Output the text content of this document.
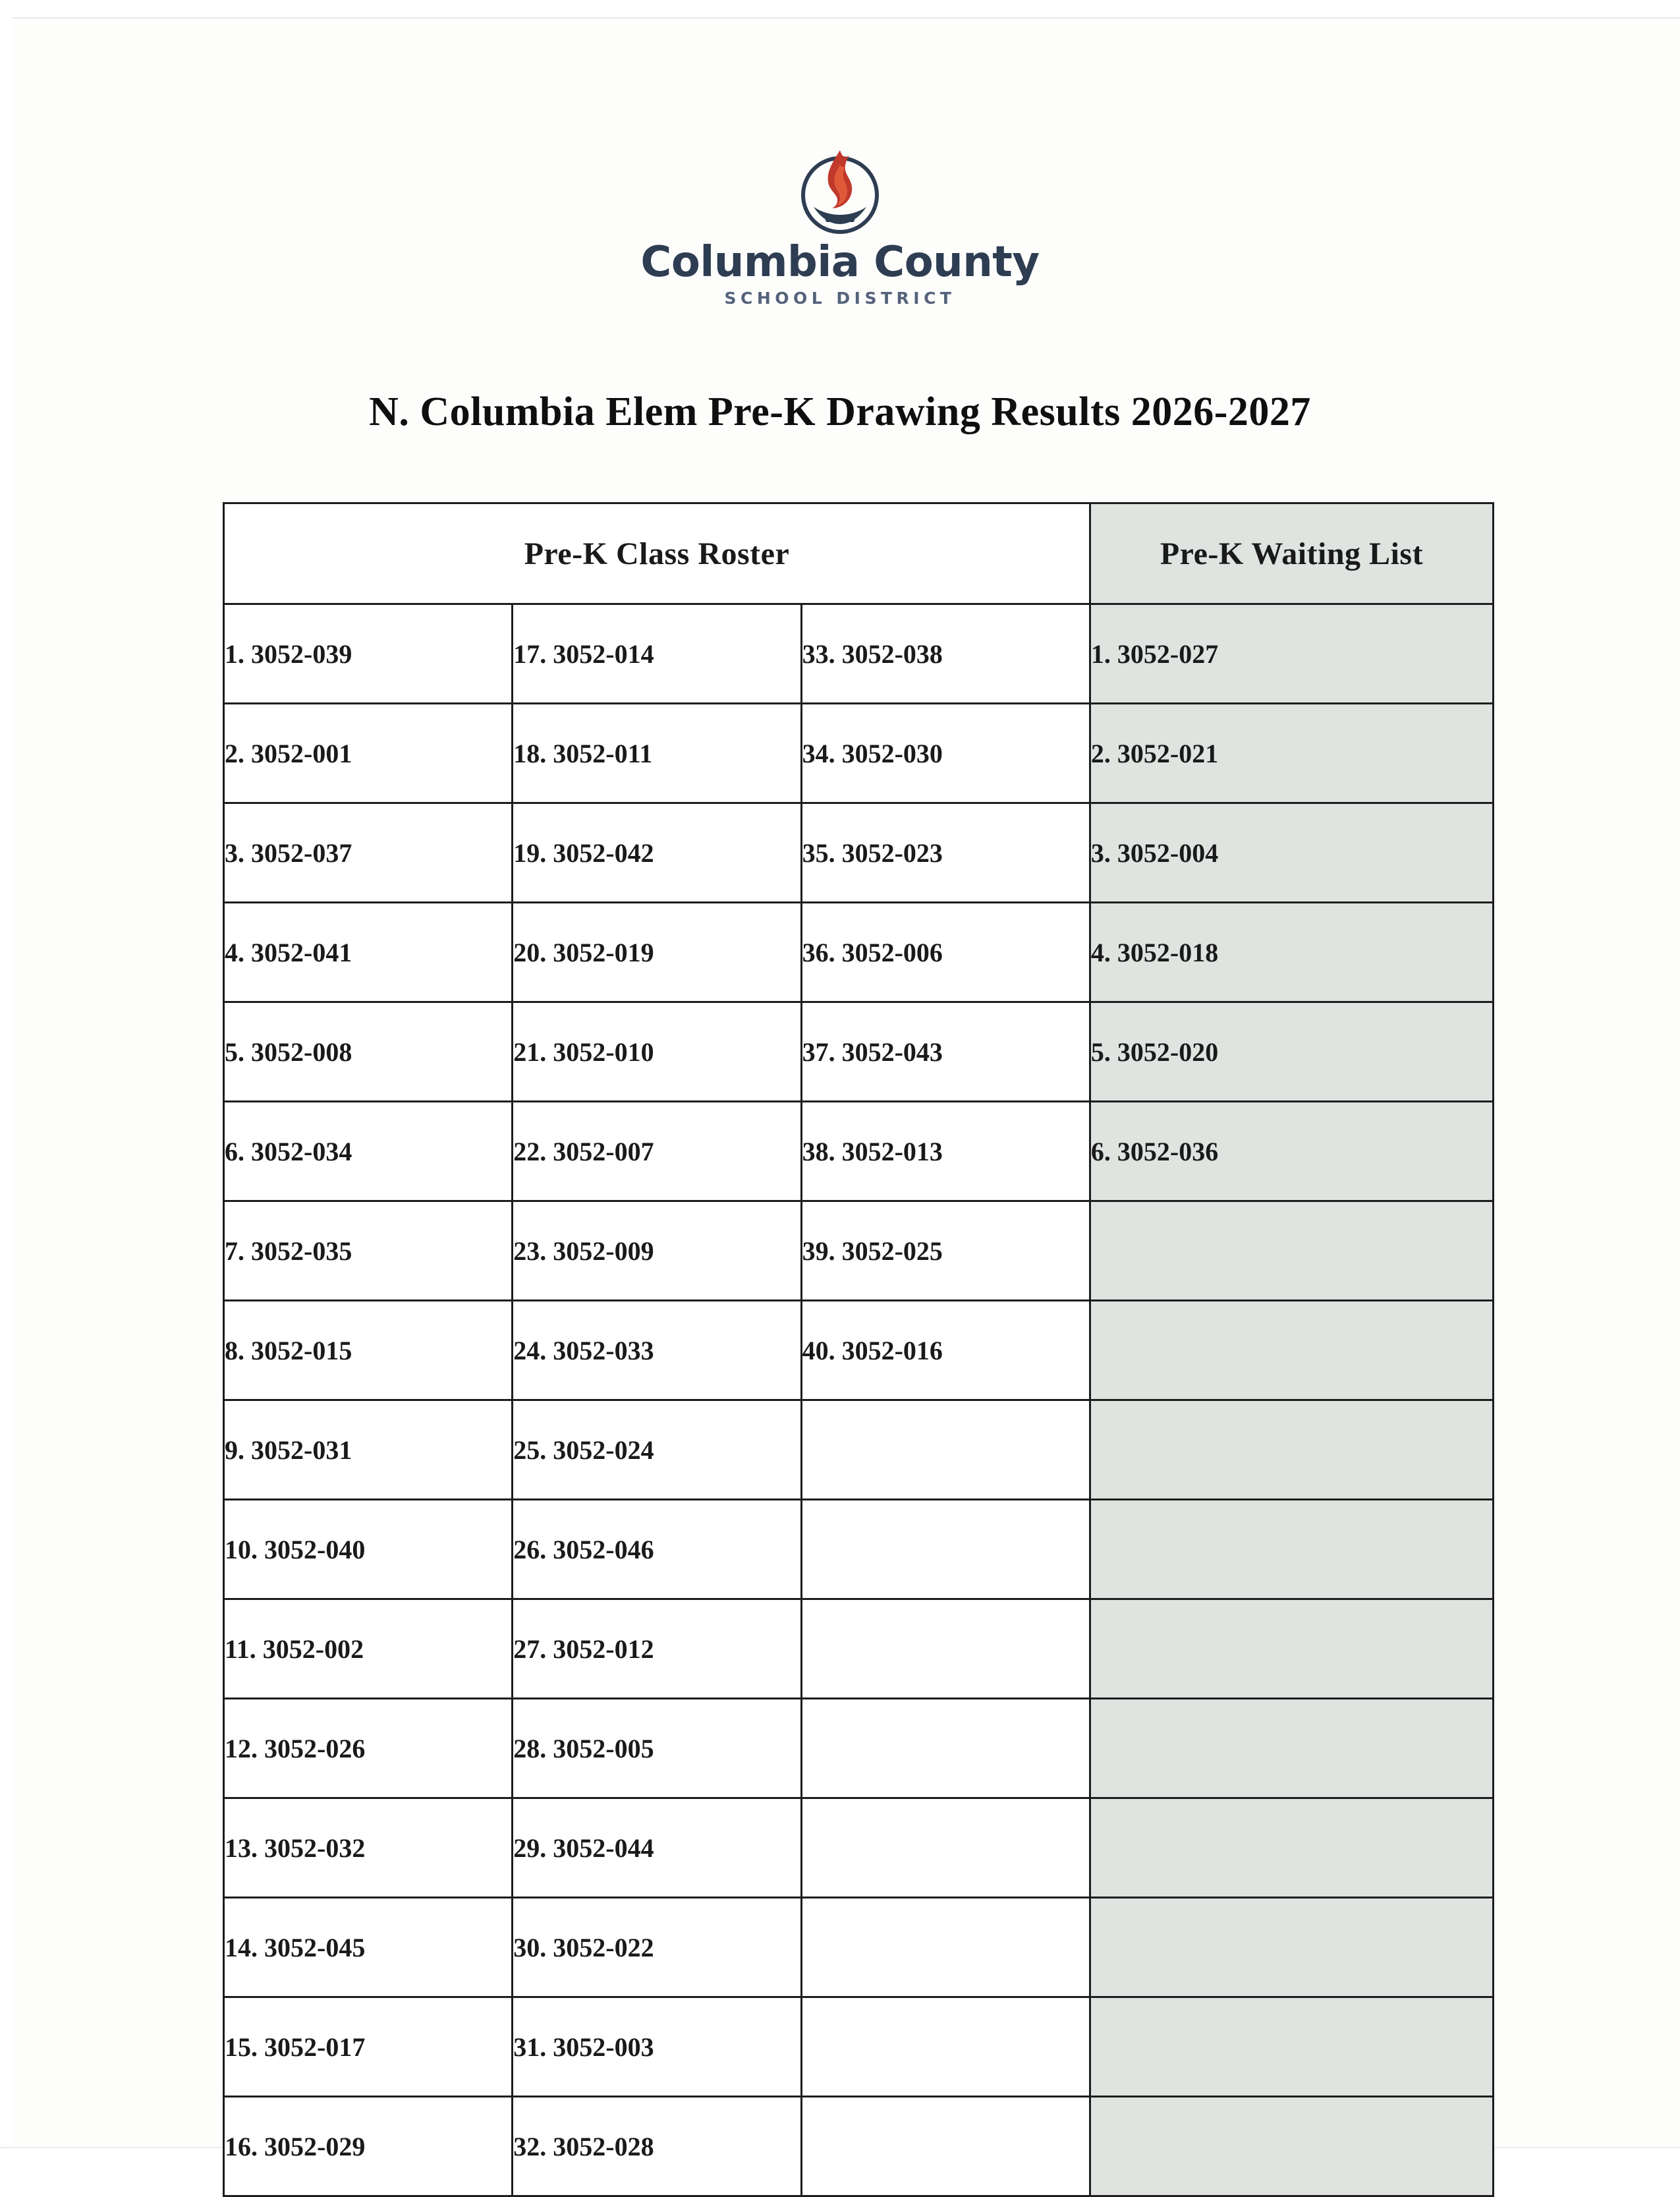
Columbia County
SCHOOL DISTRICT
N. Columbia Elem Pre-K Drawing Results 2026-2027
Pre-K Class Roster			Pre-K Waiting List
1. 3052-039	17. 3052-014	33. 3052-038	1. 3052-027
2. 3052-001	18. 3052-011	34. 3052-030	2. 3052-021
3. 3052-037	19. 3052-042	35. 3052-023	3. 3052-004
4. 3052-041	20. 3052-019	36. 3052-006	4. 3052-018
5. 3052-008	21. 3052-010	37. 3052-043	5. 3052-020
6. 3052-034	22. 3052-007	38. 3052-013	6. 3052-036
7. 3052-035	23. 3052-009	39. 3052-025	
8. 3052-015	24. 3052-033	40. 3052-016	
9. 3052-031	25. 3052-024		
10. 3052-040	26. 3052-046		
11. 3052-002	27. 3052-012		
12. 3052-026	28. 3052-005		
13. 3052-032	29. 3052-044		
14. 3052-045	30. 3052-022		
15. 3052-017	31. 3052-003		
16. 3052-029	32. 3052-028		
